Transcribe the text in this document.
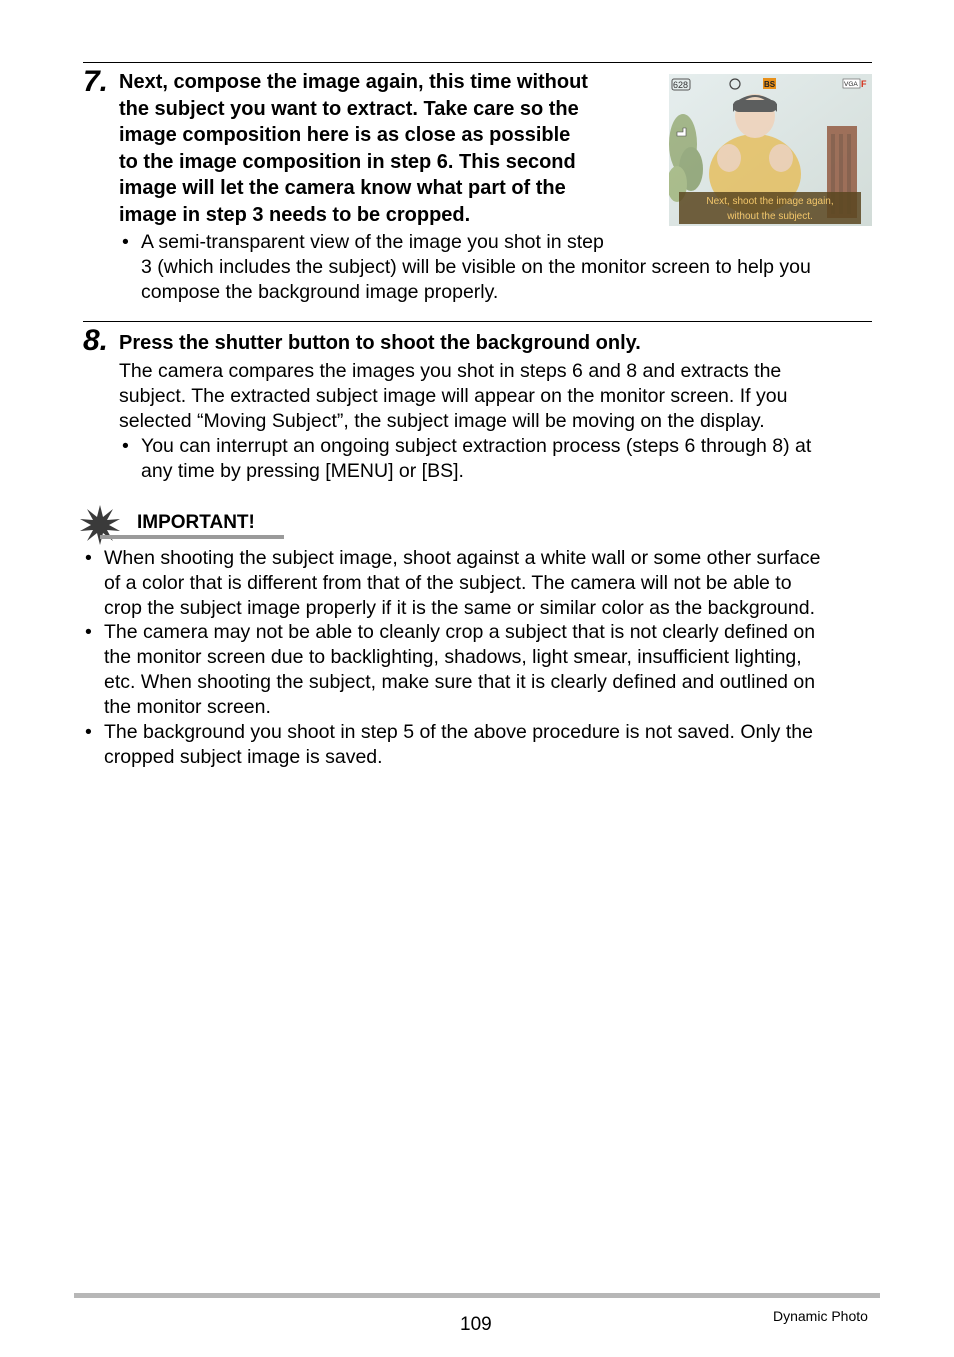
7. Next, compose the image again, this time without
the subject you want to extract. Take care so the
image composition here is as close as possible
to the image composition in step 6. This second
image will let the camera know what part of the
image in step 3 needs to be cropped.
628	BS	VGA F
Next, shoot the image again,
without the subject.
• A semi-transparent view of the image you shot in step
3 (which includes the subject) will be visible on the monitor screen to help you
compose the background image properly.
8. Press the shutter button to shoot the background only.
The camera compares the images you shot in steps 6 and 8 and extracts the
subject. The extracted subject image will appear on the monitor screen. If you
selected “Moving Subject”, the subject image will be moving on the display.
• You can interrupt an ongoing subject extraction process (steps 6 through 8) at
any time by pressing [MENU] or [BS].
IMPORTANT!
• When shooting the subject image, shoot against a white wall or some other surface
of a color that is different from that of the subject. The camera will not be able to
crop the subject image properly if it is the same or similar color as the background.
• The camera may not be able to cleanly crop a subject that is not clearly defined on
the monitor screen due to backlighting, shadows, light smear, insufficient lighting,
etc. When shooting the subject, make sure that it is clearly defined and outlined on
the monitor screen.
• The background you shoot in step 5 of the above procedure is not saved. Only the
cropped subject image is saved.
109	Dynamic Photo
